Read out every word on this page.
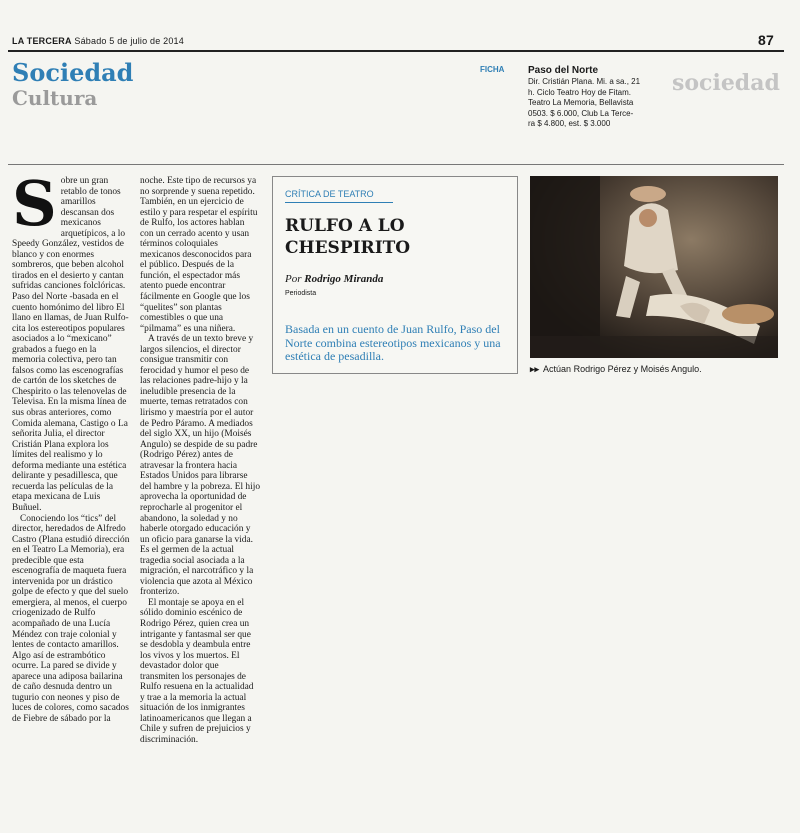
LA TERCERA Sábado 5 de julio de 2014	87
Sociedad
Cultura
FICHA Paso del Norte
Dir. Cristián Plana. Mi. a sa., 21
h. Ciclo Teatro Hoy de Fitam.
Teatro La Memoria, Bellavista
0503. $ 6.000, Club La Terce-
ra $ 4.800, est. $ 3.000
sociedad
S obre un gran retablo de tonos amarillos descansan dos mexicanos arquetípicos, a lo Speedy González, vestidos de blanco y con enormes sombreros, que beben alcohol tirados en el desierto y cantan sufridas canciones folclóricas. Paso del Norte -basada en el cuento homónimo del libro El llano en llamas, de Juan Rulfo- cita los estereotipos populares asociados a lo “mexicano” grabados a fuego en la memoria colectiva, pero tan falsos como las escenografías de cartón de los sketches de Chespirito o las telenovelas de Televisa. En la misma línea de sus obras anteriores, como Comida alemana, Castigo o La señorita Julia, el director Cristián Plana explora los límites del realismo y lo deforma mediante una estética delirante y pesadillesca, que recuerda las películas de la etapa mexicana de Luis Buñuel.

Conociendo los “tics” del director, heredados de Alfredo Castro (Plana estudió dirección en el Teatro La Memoria), era predecible que esta escenografía de maqueta fuera intervenida por un drástico golpe de efecto y que del suelo emergiera, al menos, el cuerpo criogenizado de Rulfo acompañado de una Lucía Méndez con traje colonial y lentes de contacto amarillos. Algo así de estrambótico ocurre. La pared se divide y aparece una adiposa bailarina de caño desnuda dentro un tugurio con neones y piso de luces de colores, como sacados de Fiebre de sábado por la

noche. Este tipo de recursos ya no sorprende y suena repetido. También, en un ejercicio de estilo y para respetar el espíritu de Rulfo, los actores hablan con un cerrado acento y usan términos coloquiales mexicanos desconocidos para el público. Después de la función, el espectador más atento puede encontrar fácilmente en Google que los “quelites” son plantas comestibles o que una “pilmama” es una niñera.

A través de un texto breve y largos silencios, el director consigue transmitir con ferocidad y humor el peso de las relaciones padre-hijo y la ineludible presencia de la muerte, temas retratados con lirismo y maestría por el autor de Pedro Páramo. A mediados del siglo XX, un hijo (Moisés Angulo) se despide de su padre (Rodrigo Pérez) antes de atravesar la frontera hacia Estados Unidos para librarse del hambre y la pobreza. El hijo aprovecha la oportunidad de reprocharle al progenitor el abandono, la soledad y no haberle otorgado educación y un oficio para ganarse la vida. Es el germen de la actual tragedia social asociada a la migración, el narcotráfico y la violencia que azota al México fronterizo.

El montaje se apoya en el sólido dominio escénico de Rodrigo Pérez, quien crea un intrigante y fantasmal ser que se desdobla y deambula entre los vivos y los muertos. El devastador dolor que transmiten los personajes de Rulfo resuena en la actualidad y trae a la memoria la actual situación de los inmigrantes latinoamericanos que llegan a Chile y sufren de prejuicios y discriminación.

CRÍTICA DE TEATRO
RULFO A LO CHESPIRITO
Por Rodrigo Miranda
Periodista
Basada en un cuento de Juan Rulfo, Paso del Norte combina estereotipos mexicanos y una estética de pesadilla.
▸▸ Actúan Rodrigo Pérez y Moisés Angulo.
